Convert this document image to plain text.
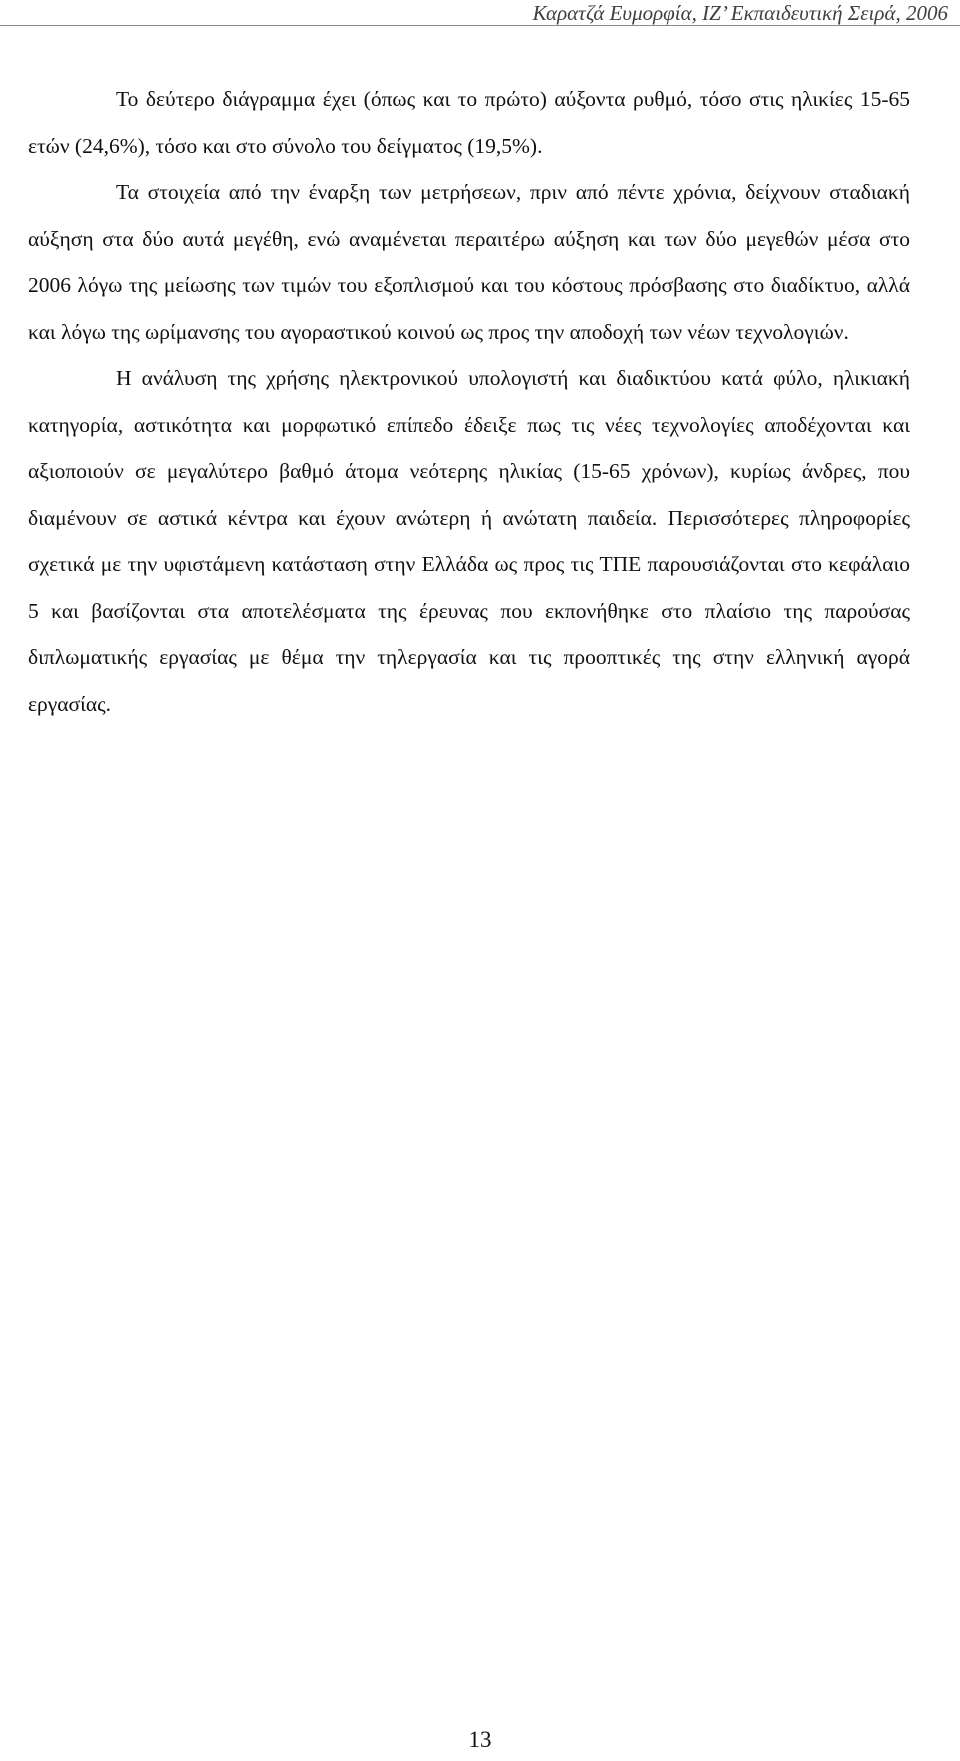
Καρατζά Ευμορφία, ΙΖ’ Εκπαιδευτική Σειρά, 2006

Το δεύτερο διάγραμμα έχει (όπως και το πρώτο) αύξοντα ρυθμό, τόσο στις ηλικίες 15-65 ετών (24,6%), τόσο και στο σύνολο του δείγματος (19,5%).

Τα στοιχεία από την έναρξη των μετρήσεων, πριν από πέντε χρόνια, δείχνουν σταδιακή αύξηση στα δύο αυτά μεγέθη, ενώ αναμένεται περαιτέρω αύξηση και των δύο μεγεθών μέσα στο 2006 λόγω της μείωσης των τιμών του εξοπλισμού και του κόστους πρόσβασης στο διαδίκτυο, αλλά και λόγω της ωρίμανσης του αγοραστικού κοινού ως προς την αποδοχή των νέων τεχνολογιών.

Η ανάλυση της χρήσης ηλεκτρονικού υπολογιστή και διαδικτύου κατά φύλο, ηλικιακή κατηγορία, αστικότητα και μορφωτικό επίπεδο έδειξε πως τις νέες τεχνολογίες αποδέχονται και αξιοποιούν σε μεγαλύτερο βαθμό άτομα νεότερης ηλικίας (15-65 χρόνων), κυρίως άνδρες, που διαμένουν σε αστικά κέντρα και έχουν ανώτερη ή ανώτατη παιδεία. Περισσότερες πληροφορίες σχετικά με την υφιστάμενη κατάσταση στην Ελλάδα ως προς τις ΤΠΕ παρουσιάζονται στο κεφάλαιο 5 και βασίζονται στα αποτελέσματα της έρευνας που εκπονήθηκε στο πλαίσιο της παρούσας διπλωματικής εργασίας με θέμα την τηλεργασία και τις προοπτικές της στην ελληνική αγορά εργασίας.

13
